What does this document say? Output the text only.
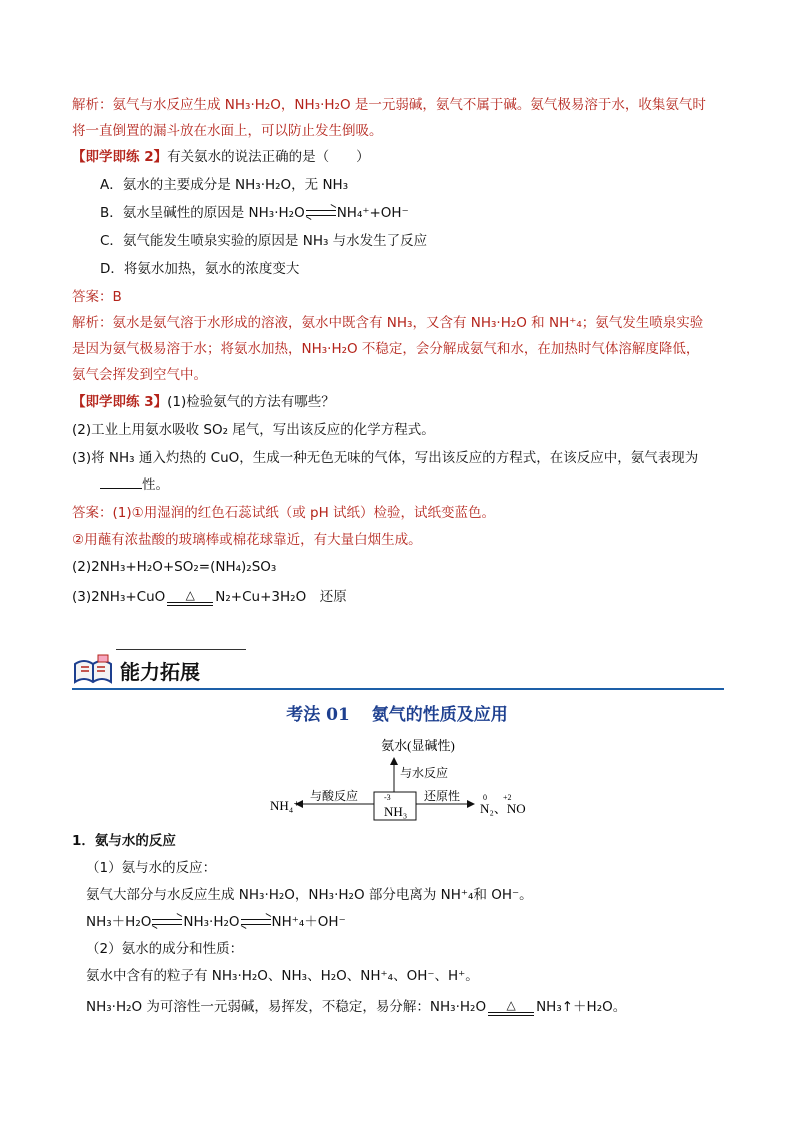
解析：氨气与水反应生成 NH₃·H₂O，NH₃·H₂O 是一元弱碱，氨气不属于碱。氨气极易溶于水，收集氨气时
将一直倒置的漏斗放在水面上，可以防止发生倒吸。
【即学即练 2】有关氨水的说法正确的是（　　）
A．氨水的主要成分是 NH₃·H₂O，无 NH₃
B．氨水呈碱性的原因是 NH₃·H₂O NH₄⁺+OH⁻
C．氨气能发生喷泉实验的原因是 NH₃ 与水发生了反应
D．将氨水加热，氨水的浓度变大
答案：B
解析：氨水是氨气溶于水形成的溶液，氨水中既含有 NH₃，又含有 NH₃·H₂O 和 NH⁺₄；氨气发生喷泉实验
是因为氨气极易溶于水；将氨水加热，NH₃·H₂O 不稳定，会分解成氨气和水，在加热时气体溶解度降低，
氨气会挥发到空气中。
【即学即练 3】(1)检验氨气的方法有哪些？
(2)工业上用氨水吸收 SO₂ 尾气，写出该反应的化学方程式。
(3)将 NH₃ 通入灼热的 CuO，生成一种无色无味的气体，写出该反应的方程式，在该反应中，氨气表现为
性。
答案：(1)①用湿润的红色石蕊试纸（或 pH 试纸）检验，试纸变蓝色。
②用蘸有浓盐酸的玻璃棒或棉花球靠近，有大量白烟生成。
(2)2NH₃+H₂O+SO₂=(NH₄)₂SO₃
(3)2NH₃+CuO	△	N₂+Cu+3H₂O　还原
能力拓展
考法 01 氨气的性质及应用
氨水(显碱性)
与水反应
-3
NH₃
与酸反应
NH₄⁺
还原性	0 +2
N₂、NO
1．氨与水的反应
（1）氨与水的反应：
氨气大部分与水反应生成 NH₃·H₂O，NH₃·H₂O 部分电离为 NH⁺₄和 OH⁻。
NH₃＋H₂O NH₃·H₂O NH⁺₄＋OH⁻
（2）氨水的成分和性质：
氨水中含有的粒子有 NH₃·H₂O、NH₃、H₂O、NH⁺₄、OH⁻、H⁺。
NH₃·H₂O 为可溶性一元弱碱，易挥发，不稳定，易分解：NH₃·H₂O	△	NH₃↑＋H₂O。
